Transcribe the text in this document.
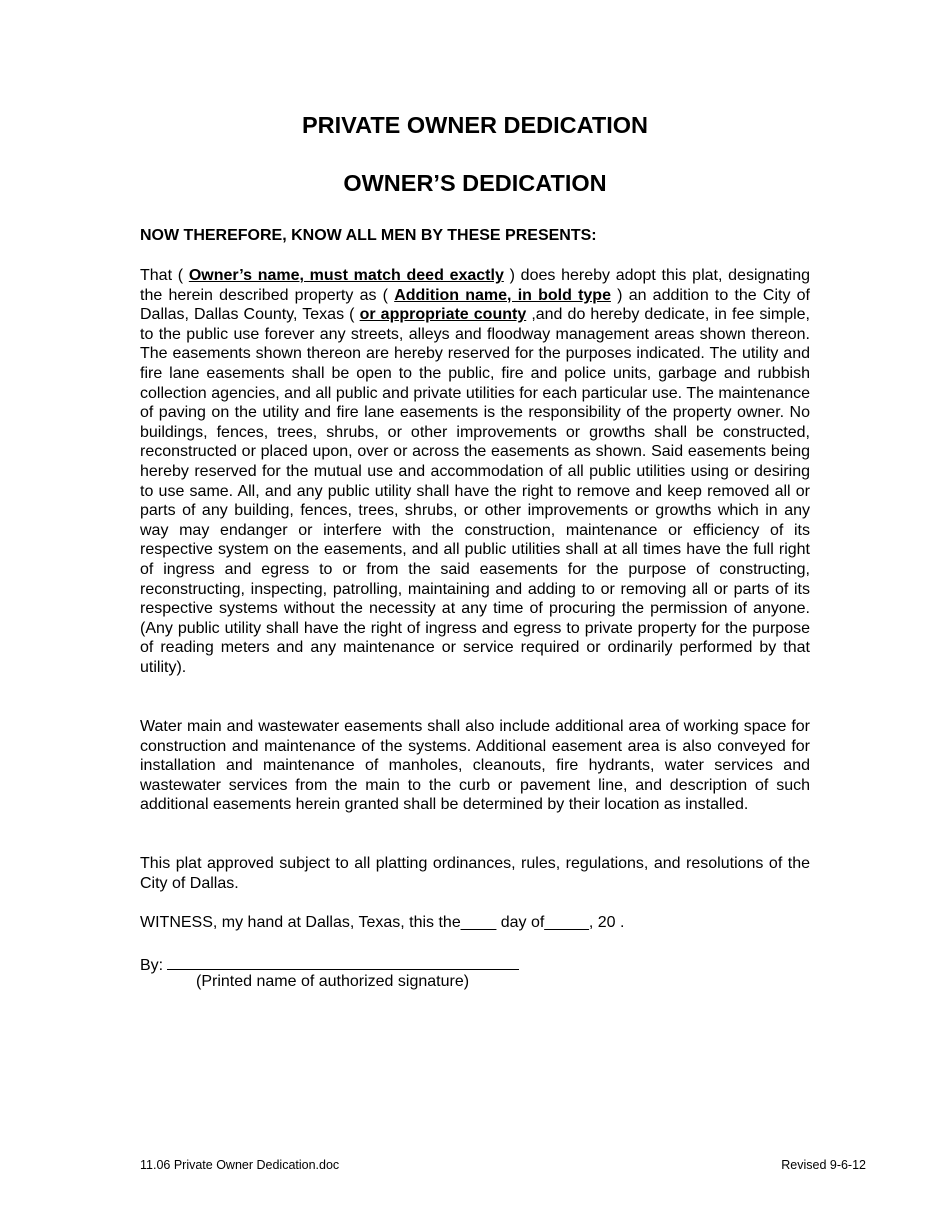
PRIVATE OWNER DEDICATION
OWNER’S DEDICATION
NOW THEREFORE, KNOW ALL MEN BY THESE PRESENTS:

That ( Owner’s name, must match deed exactly ) does hereby adopt this plat, designating the herein described property as ( Addition name, in bold type ) an addition to the City of Dallas, Dallas County, Texas ( or appropriate county ,and do hereby dedicate, in fee simple, to the public use forever any streets, alleys and floodway management areas shown thereon. The easements shown thereon are hereby reserved for the purposes indicated. The utility and fire lane easements shall be open to the public, fire and police units, garbage and rubbish collection agencies, and all public and private utilities for each particular use. The maintenance of paving on the utility and fire lane easements is the responsibility of the property owner. No buildings, fences, trees, shrubs, or other improvements or growths shall be constructed, reconstructed or placed upon, over or across the easements as shown. Said easements being hereby reserved for the mutual use and accommodation of all public utilities using or desiring to use same. All, and any public utility shall have the right to remove and keep removed all or parts of any building, fences, trees, shrubs, or other improvements or growths which in any way may endanger or interfere with the construction, maintenance or efficiency of its respective system on the easements, and all public utilities shall at all times have the full right of ingress and egress to or from the said easements for the purpose of constructing, reconstructing, inspecting, patrolling, maintaining and adding to or removing all or parts of its respective systems without the necessity at any time of procuring the permission of anyone. (Any public utility shall have the right of ingress and egress to private property for the purpose of reading meters and any maintenance or service required or ordinarily performed by that utility).

Water main and wastewater easements shall also include additional area of working space for construction and maintenance of the systems. Additional easement area is also conveyed for installation and maintenance of manholes, cleanouts, fire hydrants, water services and wastewater services from the main to the curb or pavement line, and description of such additional easements herein granted shall be determined by their location as installed.

This plat approved subject to all platting ordinances, rules, regulations, and resolutions of the City of Dallas.

WITNESS, my hand at Dallas, Texas, this the____ day of_____, 20 .
By:
(Printed name of authorized signature)
11.06 Private Owner Dedication.doc	Revised 9-6-12
